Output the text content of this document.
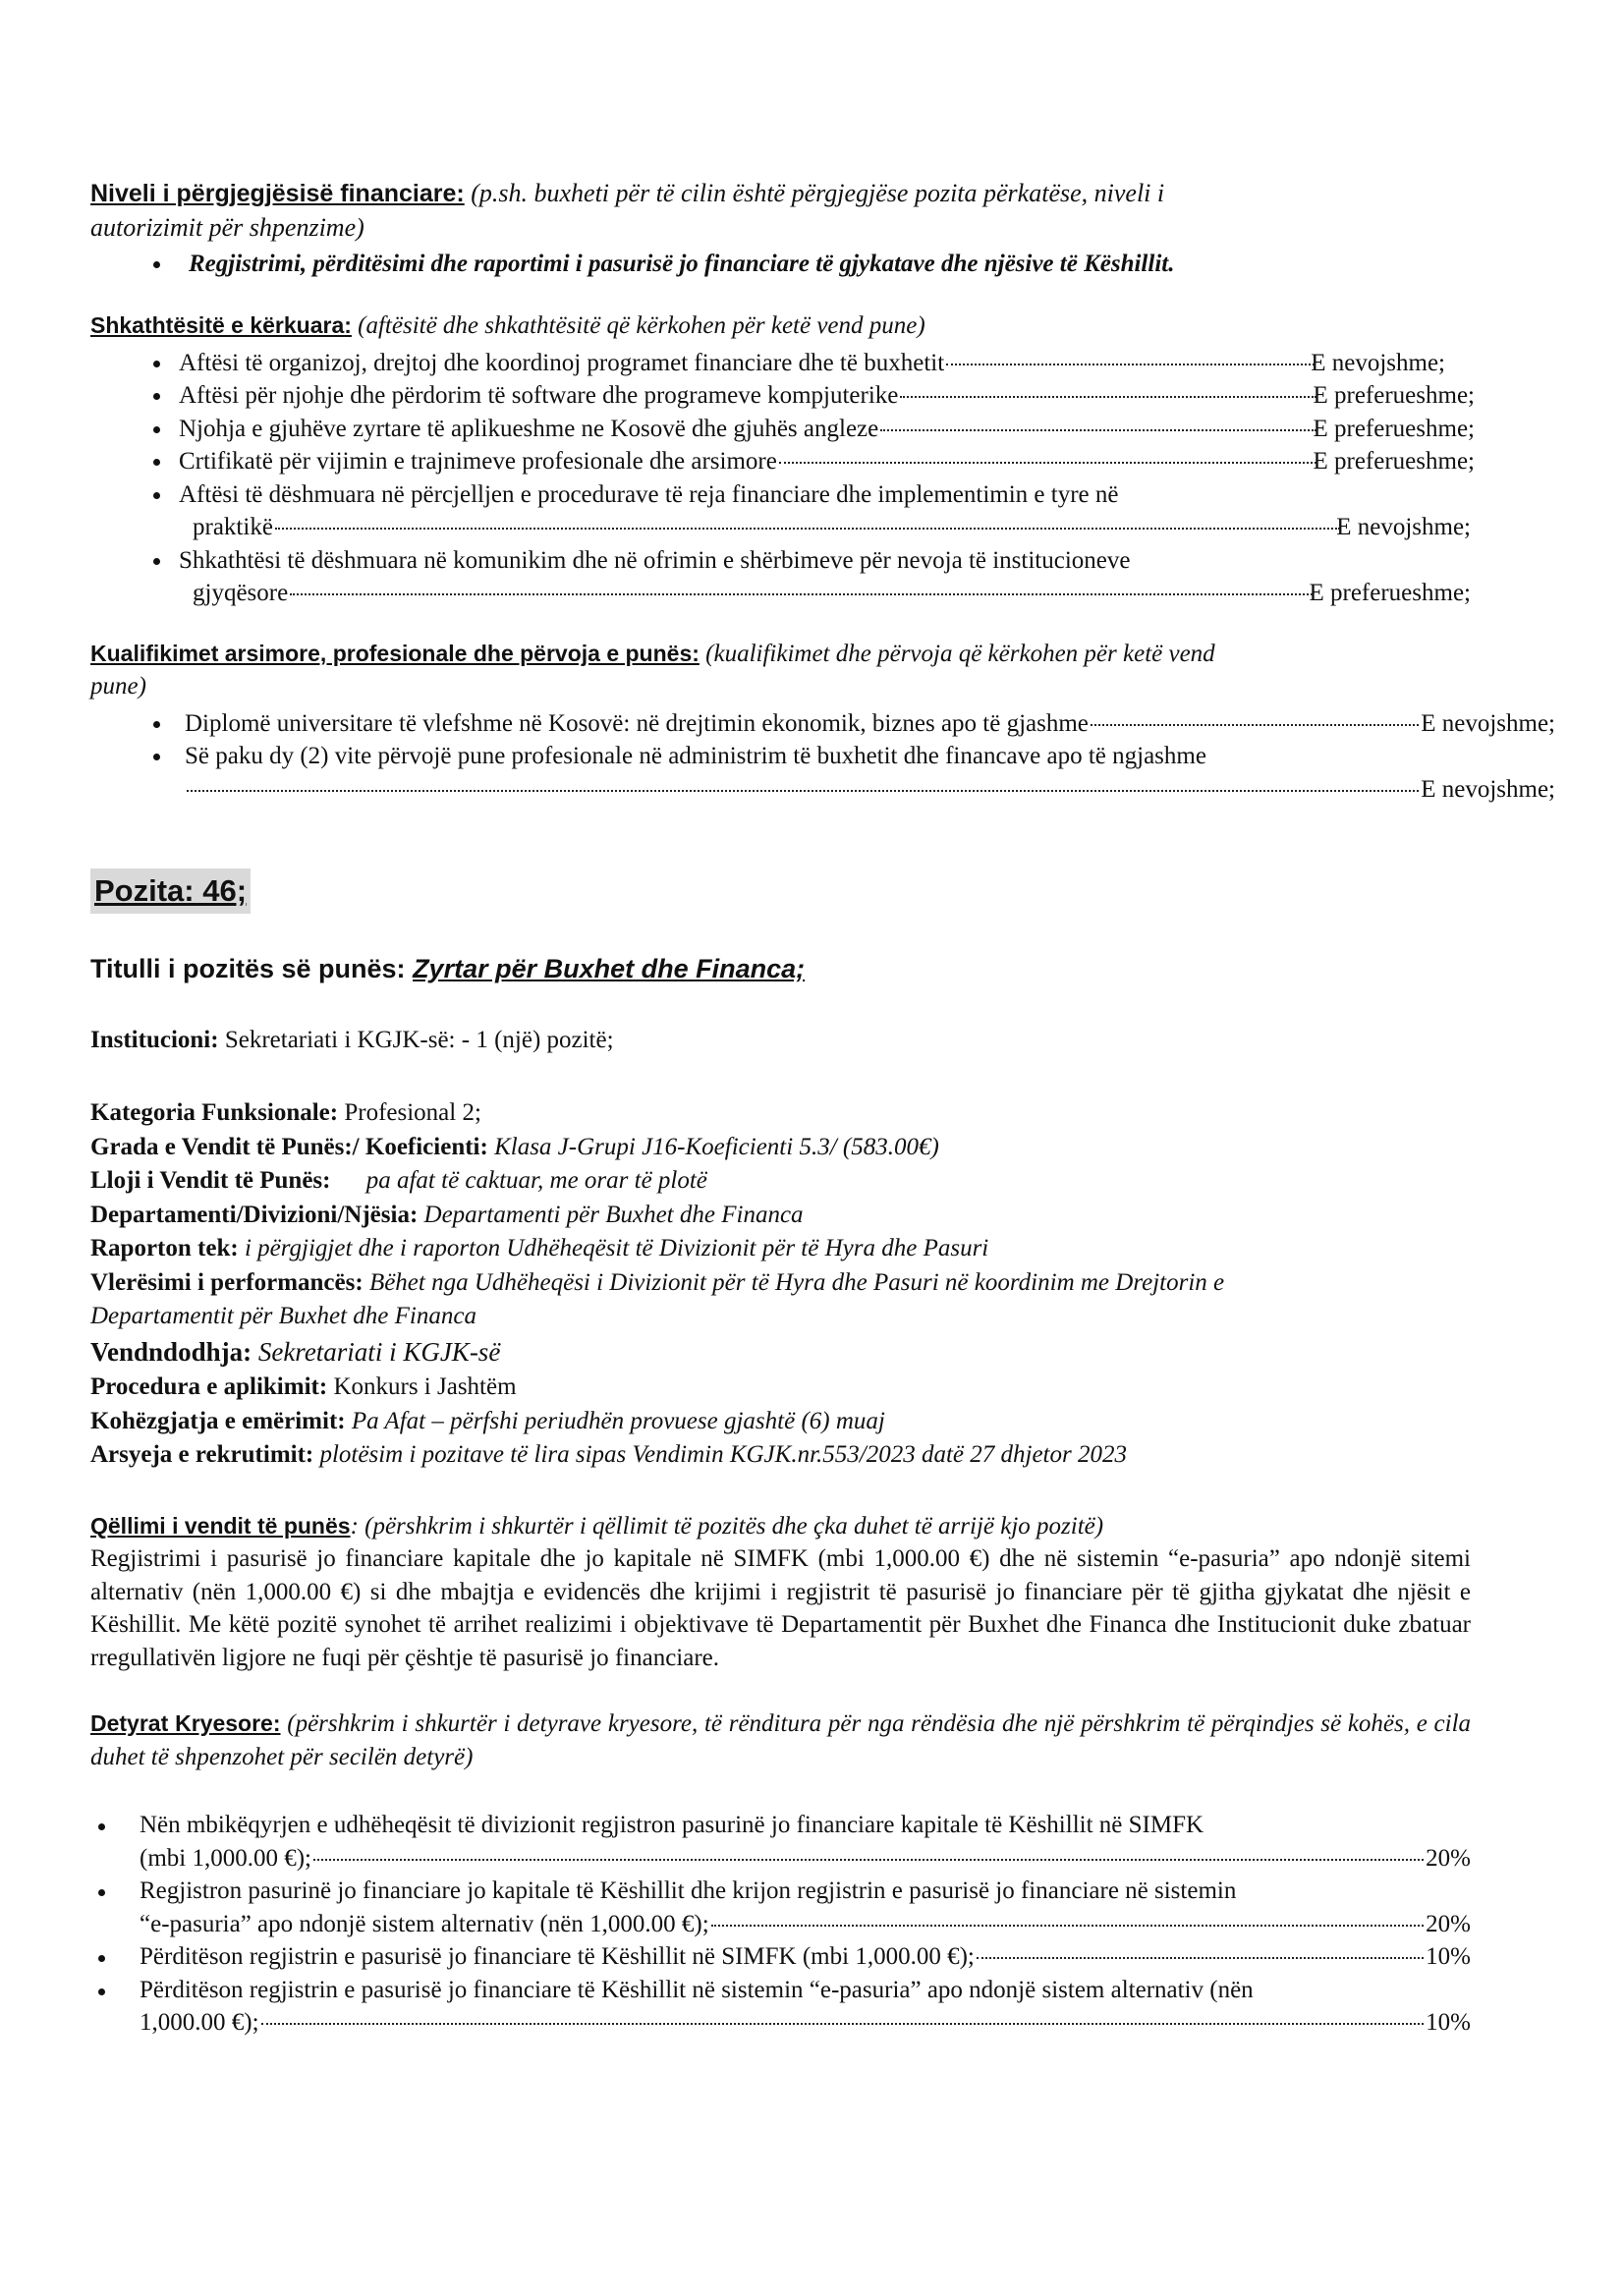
Niveli i përgjegjësisë financiare: (p.sh. buxheti për të cilin është përgjegjëse pozita përkatëse, niveli i
autorizimit për shpenzime)

Regjistrimi, përditësimi dhe raportimi i pasurisë jo financiare të gjykatave dhe njësive të Këshillit.

Shkathtësitë e kërkuara: (aftësitë dhe shkathtësitë që kërkohen për ketë vend pune)

Aftësi të organizoj, drejtoj dhe koordinoj programet financiare dhe të buxhetit	E nevojshme;
Aftësi për njohje dhe përdorim të software dhe programeve kompjuterike	E preferueshme;
Njohja e gjuhëve zyrtare të aplikueshme ne Kosovë dhe gjuhës angleze	E preferueshme;
Crtifikatë për vijimin e trajnimeve profesionale dhe arsimore	E preferueshme;
Aftësi të dëshmuara në përcjelljen e procedurave të reja financiare dhe implementimin e tyre në
praktikë	E nevojshme;
Shkathtësi të dëshmuara në komunikim dhe në ofrimin e shërbimeve për nevoja të institucioneve
gjyqësore	E preferueshme;

Kualifikimet arsimore, profesionale dhe përvoja e punës: (kualifikimet dhe përvoja që kërkohen për ketë vend
pune)

Diplomë universitare të vlefshme në Kosovë: në drejtimin ekonomik, biznes apo të gjashme	E nevojshme;
Së paku dy (2) vite përvojë pune profesionale në administrim të buxhetit dhe financave apo të ngjashme
E nevojshme;
Pozita: 46;

Titulli i pozitës së punës: Zyrtar për Buxhet dhe Financa;

Institucioni: Sekretariati i KGJK-së: - 1 (një) pozitë;

Kategoria Funksionale: Profesional 2;

Grada e Vendit të Punës:/ Koeficienti: Klasa J-Grupi J16-Koeficienti 5.3/ (583.00€)

Lloji i Vendit të Punës: pa afat të caktuar, me orar të plotë

Departamenti/Divizioni/Njësia: Departamenti për Buxhet dhe Financa

Raporton tek: i përgjigjet dhe i raporton Udhëheqësit të Divizionit për të Hyra dhe Pasuri

Vlerësimi i performancës: Bëhet nga Udhëheqësi i Divizionit për të Hyra dhe Pasuri në koordinim me Drejtorin e
Departamentit për Buxhet dhe Financa

Vendndodhja: Sekretariati i KGJK-së

Procedura e aplikimit: Konkurs i Jashtëm

Kohëzgjatja e emërimit: Pa Afat – përfshi periudhën provuese gjashtë (6) muaj

Arsyeja e rekrutimit: plotësim i pozitave të lira sipas Vendimin KGJK.nr.553/2023 datë 27 dhjetor 2023

Qëllimi i vendit të punës: (përshkrim i shkurtër i qëllimit të pozitës dhe çka duhet të arrijë kjo pozitë)

Regjistrimi i pasurisë jo financiare kapitale dhe jo kapitale në SIMFK (mbi 1,000.00 €) dhe në sistemin “e-pasuria” apo ndonjë sitemi alternativ (nën 1,000.00 €) si dhe mbajtja e evidencës dhe krijimi i regjistrit të pasurisë jo financiare për të gjitha gjykatat dhe njësit e Këshillit. Me këtë pozitë synohet të arrihet realizimi i objektivave të Departamentit për Buxhet dhe Financa dhe Institucionit duke zbatuar rregullativën ligjore ne fuqi për çështje të pasurisë jo financiare.

Detyrat Kryesore: (përshkrim i shkurtër i detyrave kryesore, të rënditura për nga rëndësia dhe një përshkrim të përqindjes së kohës, e cila duhet të shpenzohet për secilën detyrë)

Nën mbikëqyrjen e udhëheqësit të divizionit regjistron pasurinë jo financiare kapitale të Këshillit në SIMFK
(mbi 1,000.00 €);	20%
Regjistron pasurinë jo financiare jo kapitale të Këshillit dhe krijon regjistrin e pasurisë jo financiare në sistemin
“e-pasuria” apo ndonjë sistem alternativ (nën 1,000.00 €);	20%
Përditëson regjistrin e pasurisë jo financiare të Këshillit në SIMFK (mbi 1,000.00 €);	10%
Përditëson regjistrin e pasurisë jo financiare të Këshillit në sistemin “e-pasuria” apo ndonjë sistem alternativ (nën
1,000.00 €);	10%
